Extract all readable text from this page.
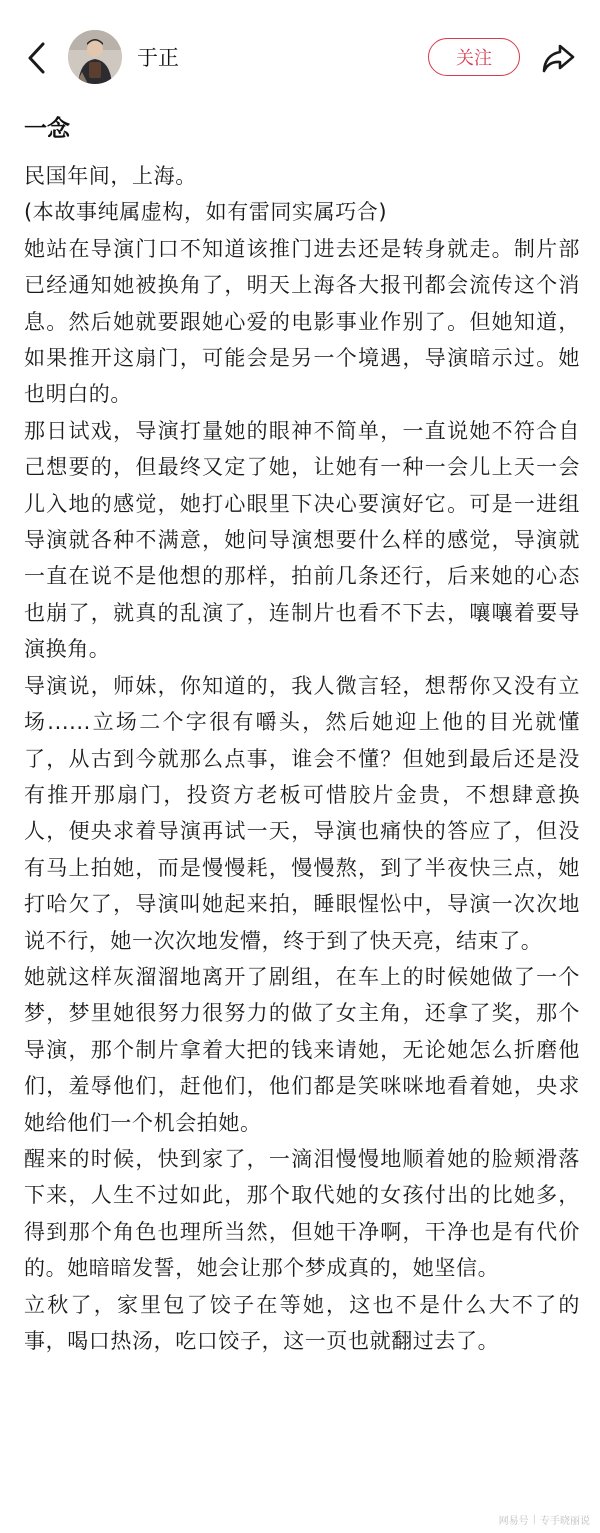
于正	关注
一念

民国年间，上海。

(本故事纯属虚构，如有雷同实属巧合)

她站在导演门口不知道该推门进去还是转身就走。制片部已经通知她被换角了，明天上海各大报刊都会流传这个消息。然后她就要跟她心爱的电影事业作别了。但她知道，如果推开这扇门，可能会是另一个境遇，导演暗示过。她也明白的。

那日试戏，导演打量她的眼神不简单，一直说她不符合自己想要的，但最终又定了她，让她有一种一会儿上天一会儿入地的感觉，她打心眼里下决心要演好它。可是一进组导演就各种不满意，她问导演想要什么样的感觉，导演就一直在说不是他想的那样，拍前几条还行，后来她的心态也崩了，就真的乱演了，连制片也看不下去，嚷嚷着要导演换角。

导演说，师妹，你知道的，我人微言轻，想帮你又没有立场......立场二个字很有嚼头，然后她迎上他的目光就懂了，从古到今就那么点事，谁会不懂？但她到最后还是没有推开那扇门，投资方老板可惜胶片金贵，不想肆意换人，便央求着导演再试一天，导演也痛快的答应了，但没有马上拍她，而是慢慢耗，慢慢熬，到了半夜快三点，她打哈欠了，导演叫她起来拍，睡眼惺忪中，导演一次次地说不行，她一次次地发懵，终于到了快天亮，结束了。

她就这样灰溜溜地离开了剧组，在车上的时候她做了一个梦，梦里她很努力很努力的做了女主角，还拿了奖，那个导演，那个制片拿着大把的钱来请她，无论她怎么折磨他们，羞辱他们，赶他们，他们都是笑咪咪地看着她，央求她给他们一个机会拍她。

醒来的时候，快到家了，一滴泪慢慢地顺着她的脸颊滑落下来，人生不过如此，那个取代她的女孩付出的比她多，得到那个角色也理所当然，但她干净啊，干净也是有代价的。她暗暗发誓，她会让那个梦成真的，她坚信。

立秋了，家里包了饺子在等她，这也不是什么大不了的事，喝口热汤，吃口饺子，这一页也就翻过去了。

网易号 | 专手晓丽说
